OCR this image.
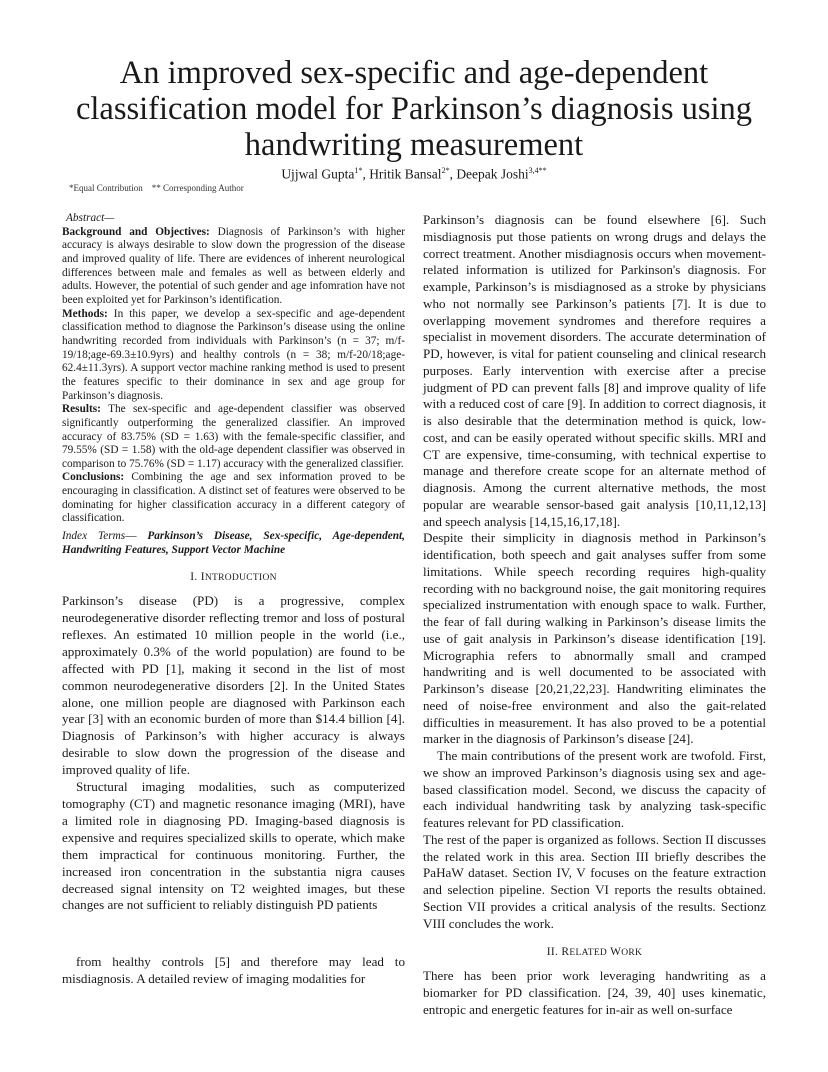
An improved sex-specific and age-dependent classification model for Parkinson’s diagnosis using handwriting measurement
Ujjwal Gupta$^{1*}$, Hritik Bansal$^{2*}$, Deepak Joshi$^{3,4**}$
*Equal Contribution    ** Corresponding Author

Abstract—
Background and Objectives: Diagnosis of Parkinson’s with higher accuracy is always desirable to slow down the progression of the disease and improved quality of life. There are evidences of inherent neurological differences between male and females as well as between elderly and adults. However, the potential of such gender and age infomration have not been exploited yet for Parkinson’s identification.
Methods: In this paper, we develop a sex-specific and age-dependent classification method to diagnose the Parkinson’s disease using the online handwriting recorded from individuals with Parkinson’s (n = 37; m/f-19/18;age-69.3±10.9yrs) and healthy controls (n = 38; m/f-20/18;age-62.4±11.3yrs). A support vector machine ranking method is used to present the features specific to their dominance in sex and age group for Parkinson’s diagnosis.
Results: The sex-specific and age-dependent classifier was observed significantly outperforming the generalized classifier. An improved accuracy of 83.75% (SD = 1.63) with the female-specific classifier, and 79.55% (SD = 1.58) with the old-age dependent classifier was observed in comparison to 75.76% (SD = 1.17) accuracy with the generalized classifier.
Conclusions: Combining the age and sex information proved to be encouraging in classification. A distinct set of features were observed to be dominating for higher classification accuracy in a different category of classification.

Index Terms— Parkinson’s Disease, Sex-specific, Age-dependent, Handwriting Features, Support Vector Machine

I. INTRODUCTION

Parkinson’s disease (PD) is a progressive, complex neurodegenerative disorder reflecting tremor and loss of postural reflexes. An estimated 10 million people in the world (i.e., approximately 0.3% of the world population) are found to be affected with PD [1], making it second in the list of most common neurodegenerative disorders [2]. In the United States alone, one million people are diagnosed with Parkinson each year [3] with an economic burden of more than $14.4 billion [4]. Diagnosis of Parkinson’s with higher accuracy is always desirable to slow down the progression of the disease and improved quality of life.

Structural imaging modalities, such as computerized tomography (CT) and magnetic resonance imaging (MRI), have a limited role in diagnosing PD. Imaging-based diagnosis is expensive and requires specialized skills to operate, which make them impractical for continuous monitoring. Further, the increased iron concentration in the substantia nigra causes decreased signal intensity on T2 weighted images, but these changes are not sufficient to reliably distinguish PD patients

from healthy controls [5] and therefore may lead to misdiagnosis. A detailed review of imaging modalities for

Parkinson’s diagnosis can be found elsewhere [6]. Such misdiagnosis put those patients on wrong drugs and delays the correct treatment. Another misdiagnosis occurs when movement-related information is utilized for Parkinson's diagnosis. For example, Parkinson’s is misdiagnosed as a stroke by physicians who not normally see Parkinson’s patients [7]. It is due to overlapping movement syndromes and therefore requires a specialist in movement disorders. The accurate determination of PD, however, is vital for patient counseling and clinical research purposes. Early intervention with exercise after a precise judgment of PD can prevent falls [8] and improve quality of life with a reduced cost of care [9]. In addition to correct diagnosis, it is also desirable that the determination method is quick, low-cost, and can be easily operated without specific skills. MRI and CT are expensive, time-consuming, with technical expertise to manage and therefore create scope for an alternate method of diagnosis. Among the current alternative methods, the most popular are wearable sensor-based gait analysis [10,11,12,13] and speech analysis [14,15,16,17,18].

Despite their simplicity in diagnosis method in Parkinson’s identification, both speech and gait analyses suffer from some limitations. While speech recording requires high-quality recording with no background noise, the gait monitoring requires specialized instrumentation with enough space to walk. Further, the fear of fall during walking in Parkinson’s disease limits the use of gait analysis in Parkinson’s disease identification [19]. Micrographia refers to abnormally small and cramped handwriting and is well documented to be associated with Parkinson’s disease [20,21,22,23]. Handwriting eliminates the need of noise-free environment and also the gait-related difficulties in measurement. It has also proved to be a potential marker in the diagnosis of Parkinson’s disease [24].

The main contributions of the present work are twofold. First, we show an improved Parkinson’s diagnosis using sex and age-based classification model. Second, we discuss the capacity of each individual handwriting task by analyzing task-specific features relevant for PD classification.

The rest of the paper is organized as follows. Section II discusses the related work in this area. Section III briefly describes the PaHaW dataset. Section IV, V focuses on the feature extraction and selection pipeline. Section VI reports the results obtained. Section VII provides a critical analysis of the results. Sectionz VIII concludes the work.

II. RELATED WORK

There has been prior work leveraging handwriting as a biomarker for PD classification. [24, 39, 40] uses kinematic, entropic and energetic features for in-air as well on-surface
